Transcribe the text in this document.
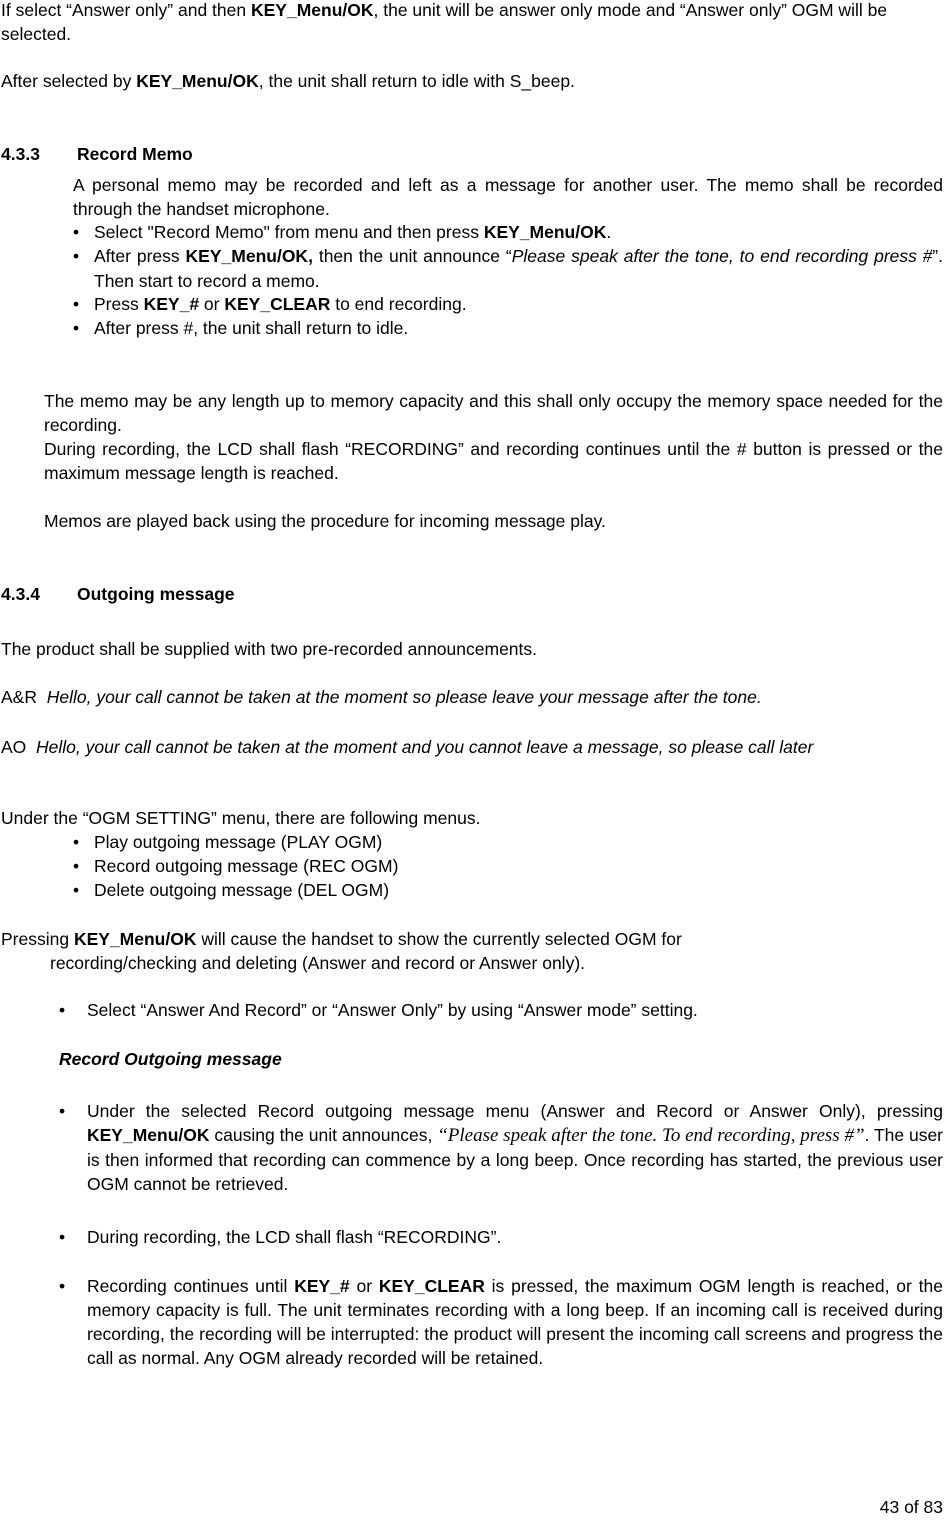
If select “Answer only” and then KEY_Menu/OK, the unit will be answer only mode and “Answer only” OGM will be selected.

After selected by KEY_Menu/OK, the unit shall return to idle with S_beep.

4.3.3 Record Memo

A personal memo may be recorded and left as a message for another user. The memo shall be recorded through the handset microphone.

• Select "Record Memo" from menu and then press KEY_Menu/OK.
• After press KEY_Menu/OK, then the unit announce “Please speak after the tone, to end recording press #”. Then start to record a memo.
• Press KEY_# or KEY_CLEAR to end recording.
• After press #, the unit shall return to idle.

The memo may be any length up to memory capacity and this shall only occupy the memory space needed for the recording.

During recording, the LCD shall flash “RECORDING” and recording continues until the # button is pressed or the maximum message length is reached.

Memos are played back using the procedure for incoming message play.

4.3.4 Outgoing message

The product shall be supplied with two pre-recorded announcements.

A&R Hello, your call cannot be taken at the moment so please leave your message after the tone.

AO Hello, your call cannot be taken at the moment and you cannot leave a message, so please call later

Under the “OGM SETTING” menu, there are following menus.

• Play outgoing message (PLAY OGM)
• Record outgoing message (REC OGM)
• Delete outgoing message (DEL OGM)

Pressing KEY_Menu/OK will cause the handset to show the currently selected OGM for

recording/checking and deleting (Answer and record or Answer only).

• Select “Answer And Record” or “Answer Only” by using “Answer mode” setting.

Record Outgoing message

• Under the selected Record outgoing message menu (Answer and Record or Answer Only), pressing KEY_Menu/OK causing the unit announces, “Please speak after the tone. To end recording, press #”. The user is then informed that recording can commence by a long beep. Once recording has started, the previous user OGM cannot be retrieved.
• During recording, the LCD shall flash “RECORDING”.
• Recording continues until KEY_# or KEY_CLEAR is pressed, the maximum OGM length is reached, or the memory capacity is full. The unit terminates recording with a long beep. If an incoming call is received during recording, the recording will be interrupted: the product will present the incoming call screens and progress the call as normal. Any OGM already recorded will be retained.
43 of 83
